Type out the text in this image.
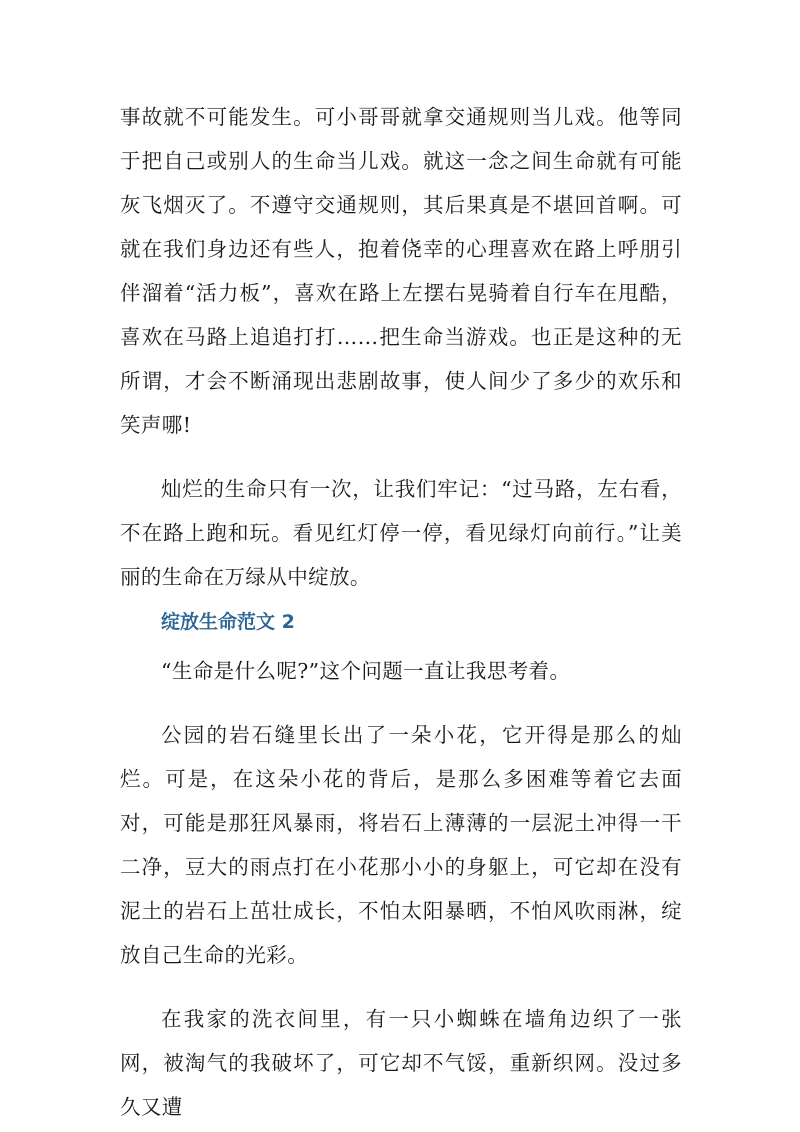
事故就不可能发生。可小哥哥就拿交通规则当儿戏。他等同于把自己或别人的生命当儿戏。就这一念之间生命就有可能灰飞烟灭了。不遵守交通规则，其后果真是不堪回首啊。可就在我们身边还有些人，抱着侥幸的心理喜欢在路上呼朋引伴溜着“活力板”，喜欢在路上左摆右晃骑着自行车在甩酷，喜欢在马路上追追打打……把生命当游戏。也正是这种的无所谓，才会不断涌现出悲剧故事，使人间少了多少的欢乐和笑声哪!

灿烂的生命只有一次，让我们牢记：“过马路，左右看，不在路上跑和玩。看见红灯停一停，看见绿灯向前行。”让美丽的生命在万绿从中绽放。

绽放生命范文 2

“生命是什么呢?”这个问题一直让我思考着。

公园的岩石缝里长出了一朵小花，它开得是那么的灿烂。可是，在这朵小花的背后，是那么多困难等着它去面对，可能是那狂风暴雨，将岩石上薄薄的一层泥土冲得一干二净，豆大的雨点打在小花那小小的身躯上，可它却在没有泥土的岩石上茁壮成长，不怕太阳暴晒，不怕风吹雨淋，绽放自己生命的光彩。

在我家的洗衣间里，有一只小蜘蛛在墙角边织了一张网，被淘气的我破坏了，可它却不气馁，重新织网。没过多久又遭
